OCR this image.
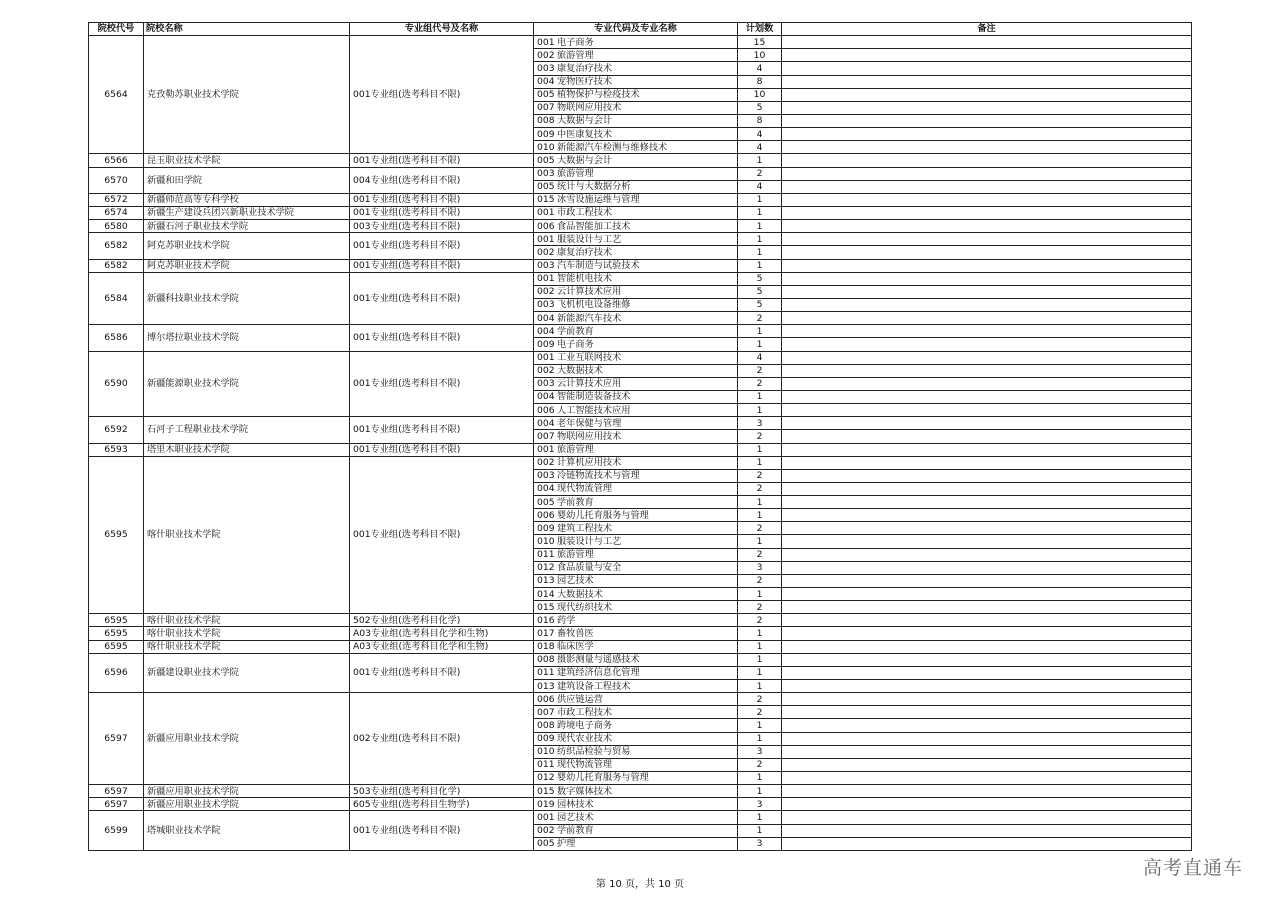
院校代号	院校名称	专业组代号及名称	专业代码及专业名称	计划数	备注
6564	克孜勒苏职业技术学院	001专业组(选考科目不限)	001 电子商务	15	
			002 旅游管理	10	
			003 康复治疗技术	4	
			004 宠物医疗技术	8	
			005 植物保护与检疫技术	10	
			007 物联网应用技术	5	
			008 大数据与会计	8	
			009 中医康复技术	4	
			010 新能源汽车检测与维修技术	4	
6566	昆玉职业技术学院	001专业组(选考科目不限)	005 大数据与会计	1	
6570	新疆和田学院	004专业组(选考科目不限)	003 旅游管理	2	
			005 统计与大数据分析	4	
6572	新疆师范高等专科学校	001专业组(选考科目不限)	015 冰雪设施运维与管理	1	
6574	新疆生产建设兵团兴新职业技术学院	001专业组(选考科目不限)	001 市政工程技术	1	
6580	新疆石河子职业技术学院	003专业组(选考科目不限)	006 食品智能加工技术	1	
6582	阿克苏职业技术学院	001专业组(选考科目不限)	001 服装设计与工艺	1	
			002 康复治疗技术	1	
6582	阿克苏职业技术学院	001专业组(选考科目不限)	003 汽车制造与试验技术	1	
6584	新疆科技职业技术学院	001专业组(选考科目不限)	001 智能机电技术	5	
			002 云计算技术应用	5	
			003 飞机机电设备维修	5	
			004 新能源汽车技术	2	
6586	博尔塔拉职业技术学院	001专业组(选考科目不限)	004 学前教育	1	
			009 电子商务	1	
6590	新疆能源职业技术学院	001专业组(选考科目不限)	001 工业互联网技术	4	
			002 大数据技术	2	
			003 云计算技术应用	2	
			004 智能制造装备技术	1	
			006 人工智能技术应用	1	
6592	石河子工程职业技术学院	001专业组(选考科目不限)	004 老年保健与管理	3	
			007 物联网应用技术	2	
6593	塔里木职业技术学院	001专业组(选考科目不限)	001 旅游管理	1	
6595	喀什职业技术学院	001专业组(选考科目不限)	002 计算机应用技术	1	
			003 冷链物流技术与管理	2	
			004 现代物流管理	2	
			005 学前教育	1	
			006 婴幼儿托育服务与管理	1	
			009 建筑工程技术	2	
			010 服装设计与工艺	1	
			011 旅游管理	2	
			012 食品质量与安全	3	
			013 园艺技术	2	
			014 大数据技术	1	
			015 现代纺织技术	2	
6595	喀什职业技术学院	502专业组(选考科目化学)	016 药学	2	
6595	喀什职业技术学院	A03专业组(选考科目化学和生物)	017 畜牧兽医	1	
6595	喀什职业技术学院	A03专业组(选考科目化学和生物)	018 临床医学	1	
6596	新疆建设职业技术学院	001专业组(选考科目不限)	008 摄影测量与遥感技术	1	
			011 建筑经济信息化管理	1	
			013 建筑设备工程技术	1	
6597	新疆应用职业技术学院	002专业组(选考科目不限)	006 供应链运营	2	
			007 市政工程技术	2	
			008 跨境电子商务	1	
			009 现代农业技术	1	
			010 纺织品检验与贸易	3	
			011 现代物流管理	2	
			012 婴幼儿托育服务与管理	1	
6597	新疆应用职业技术学院	503专业组(选考科目化学)	015 数字媒体技术	1	
6597	新疆应用职业技术学院	605专业组(选考科目生物学)	019 园林技术	3	
6599	塔城职业技术学院	001专业组(选考科目不限)	001 园艺技术	1	
			002 学前教育	1	
			005 护理	3	
第 10 页，共 10 页
高考直通车
